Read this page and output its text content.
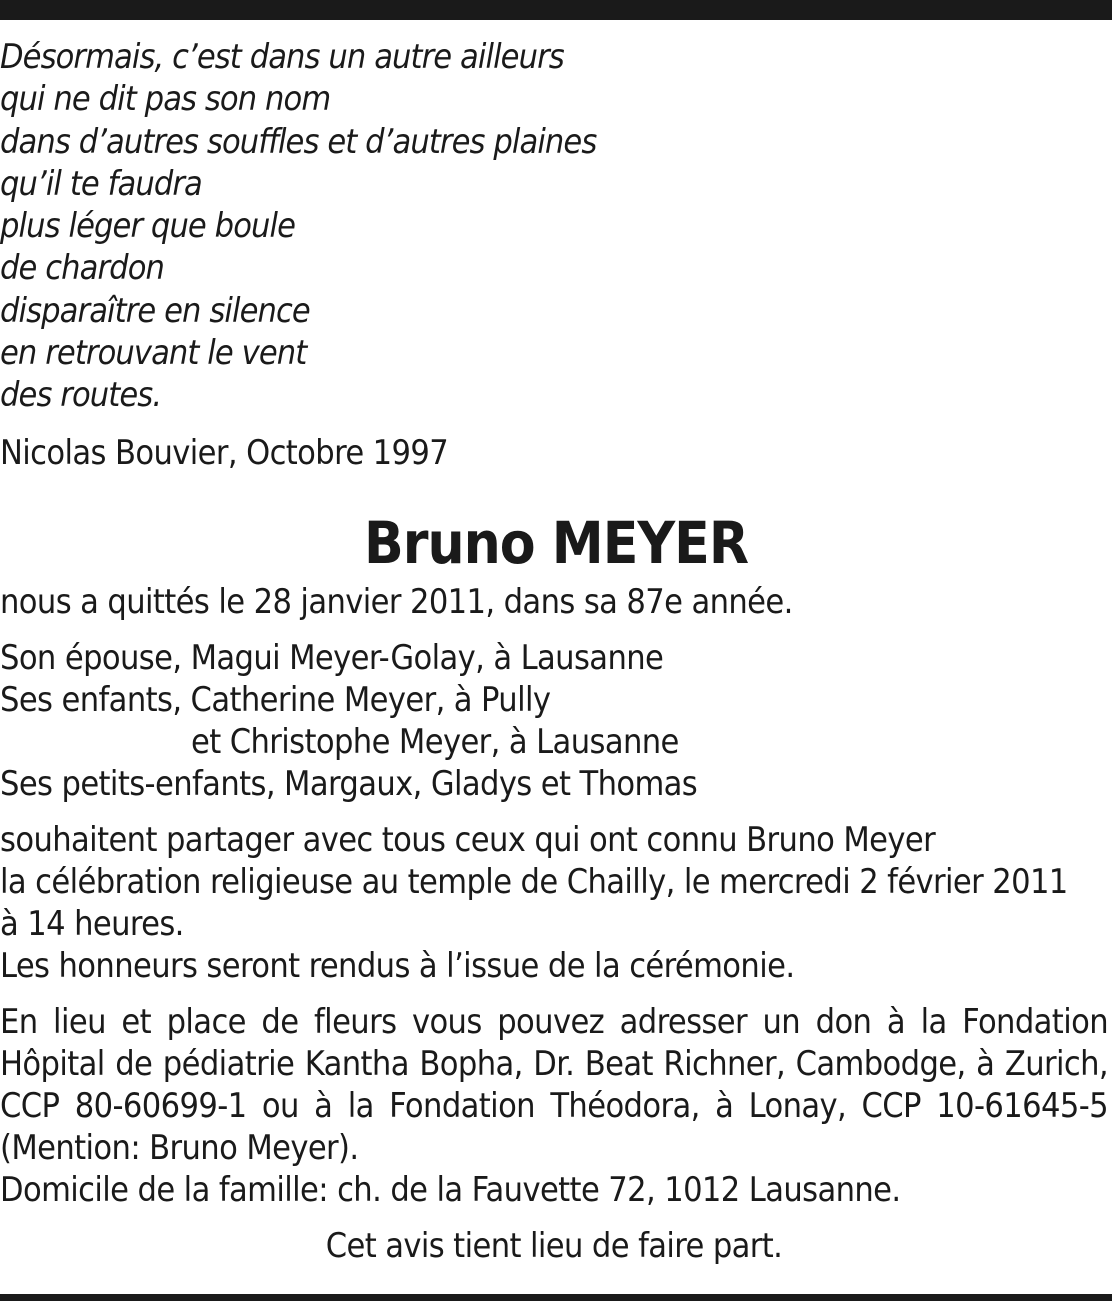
Désormais, c’est dans un autre ailleurs
qui ne dit pas son nom
dans d’autres souffles et d’autres plaines
qu’il te faudra
plus léger que boule
de chardon
disparaître en silence
en retrouvant le vent
des routes.
Nicolas Bouvier, Octobre 1997
Bruno MEYER
nous a quittés le 28 janvier 2011, dans sa 87e année.
Son épouse, Magui Meyer-Golay, à Lausanne
Ses enfants, Catherine Meyer, à Pully
et Christophe Meyer, à Lausanne
Ses petits-enfants, Margaux, Gladys et Thomas
souhaitent partager avec tous ceux qui ont connu Bruno Meyer
la célébration religieuse au temple de Chailly, le mercredi 2 février 2011
à 14 heures.
Les honneurs seront rendus à l’issue de la cérémonie.
En lieu et place de fleurs vous pouvez adresser un don à la Fondation
Hôpital de pédiatrie Kantha Bopha, Dr. Beat Richner, Cambodge, à Zurich,
CCP 80-60699-1 ou à la Fondation Théodora, à Lonay, CCP 10-61645-5
(Mention: Bruno Meyer).
Domicile de la famille: ch. de la Fauvette 72, 1012 Lausanne.
Cet avis tient lieu de faire part.
